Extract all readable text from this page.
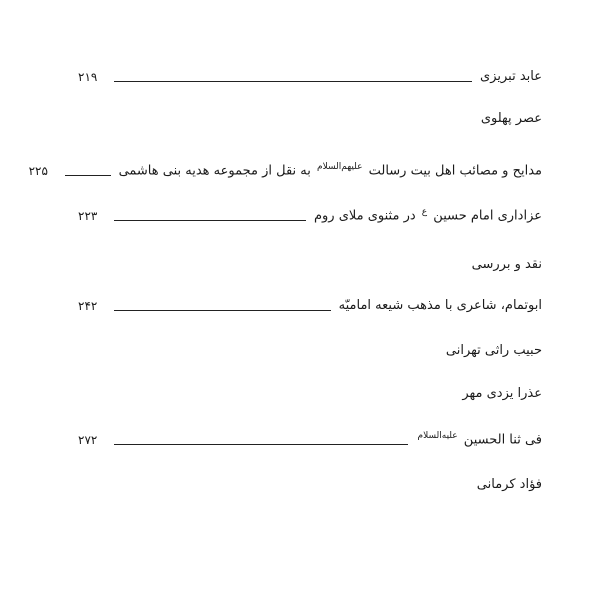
عابد تبریزی
۲۱۹
عصر پهلوی
مدایح و مصائب اهل بیت رسالت $^{علیهم‌السلام}$ به نقل از مجموعه هدیه بنی هاشمی
۲۲۵
عزاداری امام حسین $^ع$ در مثنوی ملای روم
۲۲۳
نقد و بررسی
ابوتمام، شاعری با مذهب شیعه امامیّه
۲۴۲
حبیب راثی تهرانی
عذرا یزدی مهر
فی ثنا الحسین $^{علیه‌السلام}$
۲۷۲
فؤاد کرمانی
